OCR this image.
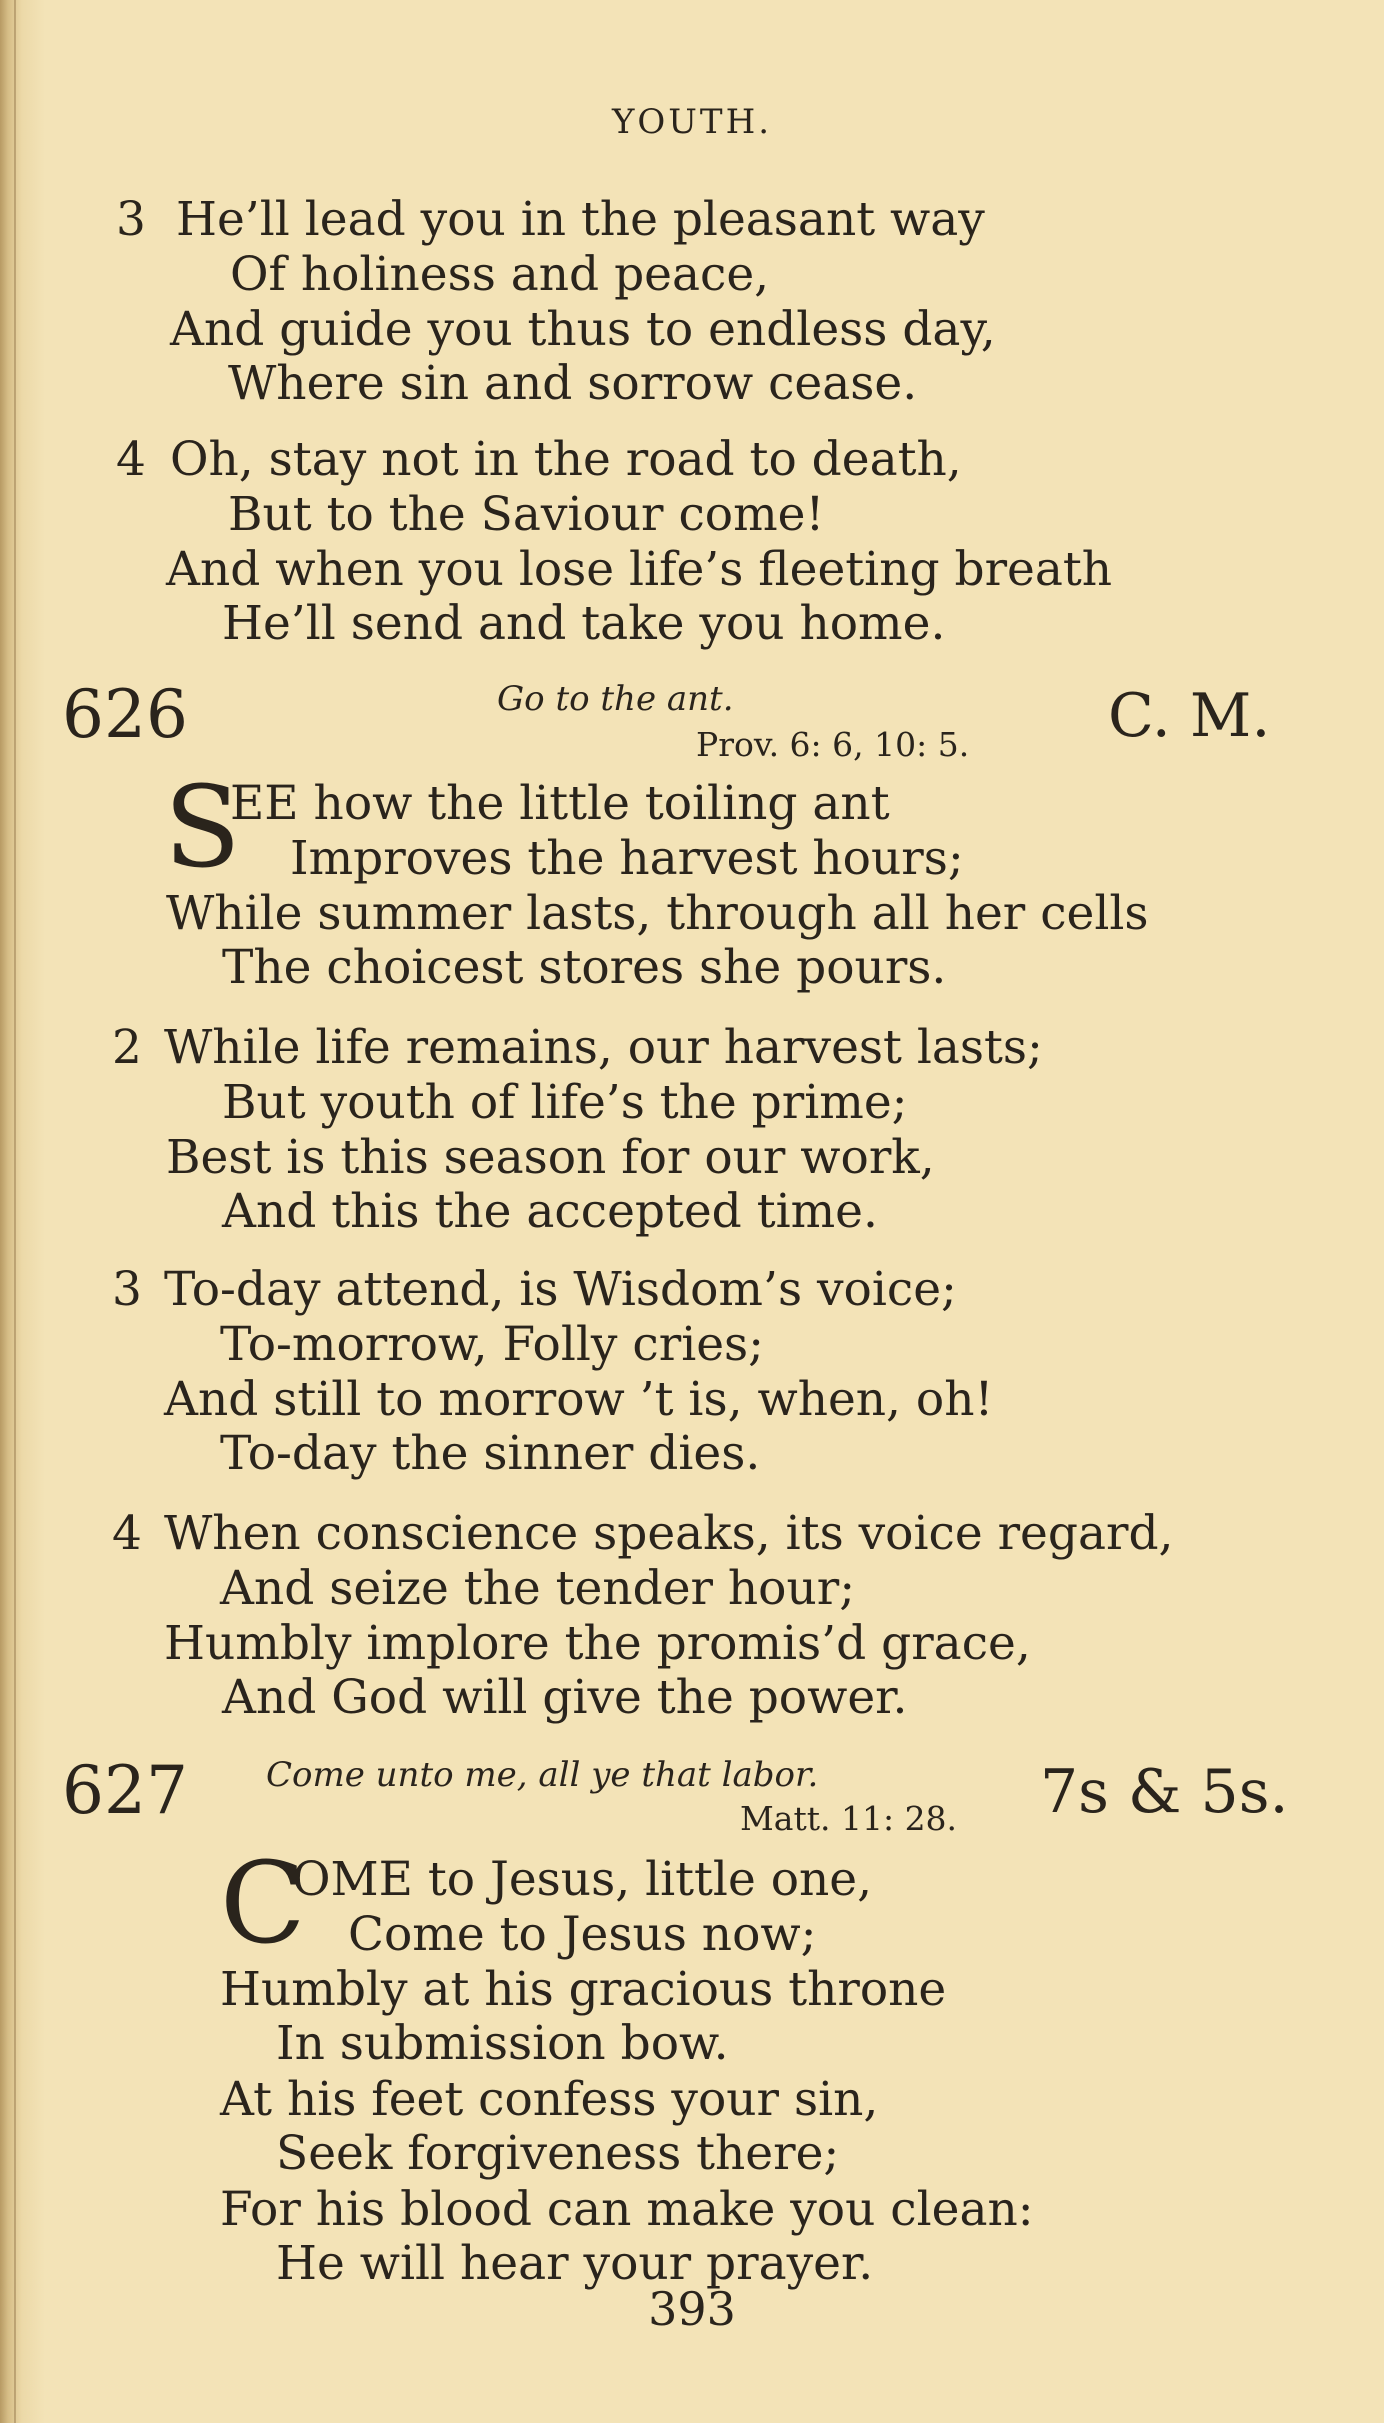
YOUTH.
3 He’ll lead you in the pleasant way
Of holiness and peace,
And guide you thus to endless day,
Where sin and sorrow cease.
4 Oh, stay not in the road to death,
But to the Saviour come!
And when you lose life’s fleeting breath
He’ll send and take you home.
626	Go to the ant.
Prov. 6: 6, 10: 5. C. M.
S
EE how the little toiling ant
Improves the harvest hours;
While summer lasts, through all her cells
The choicest stores she pours.
2 While life remains, our harvest lasts;
But youth of life’s the prime;
Best is this season for our work,
And this the accepted time.
3 To-day attend, is Wisdom’s voice;
To-morrow, Folly cries;
And still to morrow ’t is, when, oh!
To-day the sinner dies.
4 When conscience speaks, its voice regard,
And seize the tender hour;
Humbly implore the promis’d grace,
And God will give the power.
627 Come unto me, all ye that labor.
Matt. 11: 28. 7s & 5s.
C
OME to Jesus, little one,
Come to Jesus now;
Humbly at his gracious throne
In submission bow.
At his feet confess your sin,
Seek forgiveness there;
For his blood can make you clean:
He will hear your prayer.
393
